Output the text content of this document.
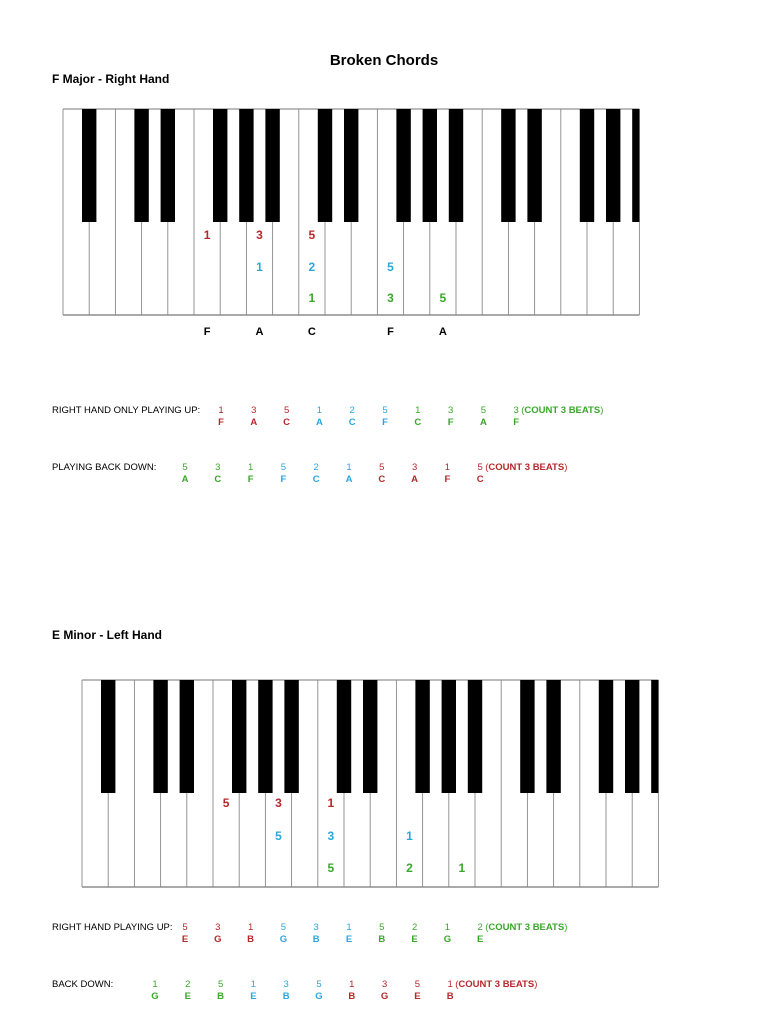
Broken Chords
F Major - Right Hand
1	3	5
1	2	5
1	3	5
F	A	C	F	A
RIGHT HAND ONLY PLAYING UP:	1	3	5	1	2	5	1	3	5	3
F	A	C	A	C	F	C	F	A	F
(COUNT 3 BEATS)
PLAYING BACK DOWN:	5	3	1	5	2	1	5	3	1	5
A	C	F	F	C	A	C	A	F	C
(COUNT 3 BEATS)
E Minor - Left Hand
5	3	1
5	3	1
5	2	1
RIGHT HAND PLAYING UP:	5	3	1	5	3	1	5	2	1	2
E	G	B	G	B	E	B	E	G	E
(COUNT 3 BEATS)
BACK DOWN:	1	2	5	1	3	5	1	3	5	1
G	E	B	E	B	G	B	G	E	B
(COUNT 3 BEATS)
